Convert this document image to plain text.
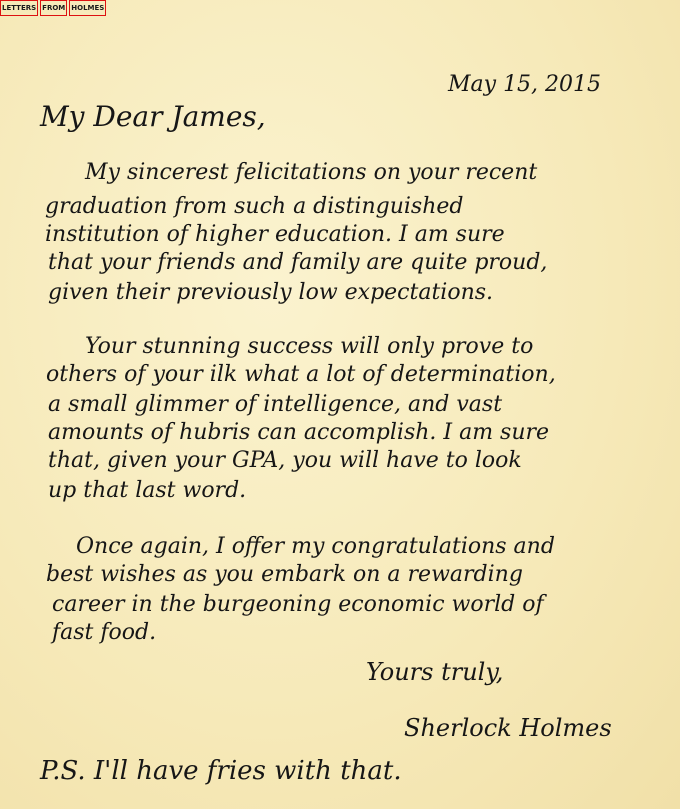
LETTERS FROM HOLMES
May 15, 2015
My Dear James,
My sincerest felicitations on your recent
graduation from such a distinguished
institution of higher education. I am sure
that your friends and family are quite proud,
given their previously low expectations.
Your stunning success will only prove to
others of your ilk what a lot of determination,
a small glimmer of intelligence, and vast
amounts of hubris can accomplish. I am sure
that, given your GPA, you will have to look
up that last word.
Once again, I offer my congratulations and
best wishes as you embark on a rewarding
career in the burgeoning economic world of
fast food.
Yours truly,
Sherlock Holmes
P.S. I'll have fries with that.
